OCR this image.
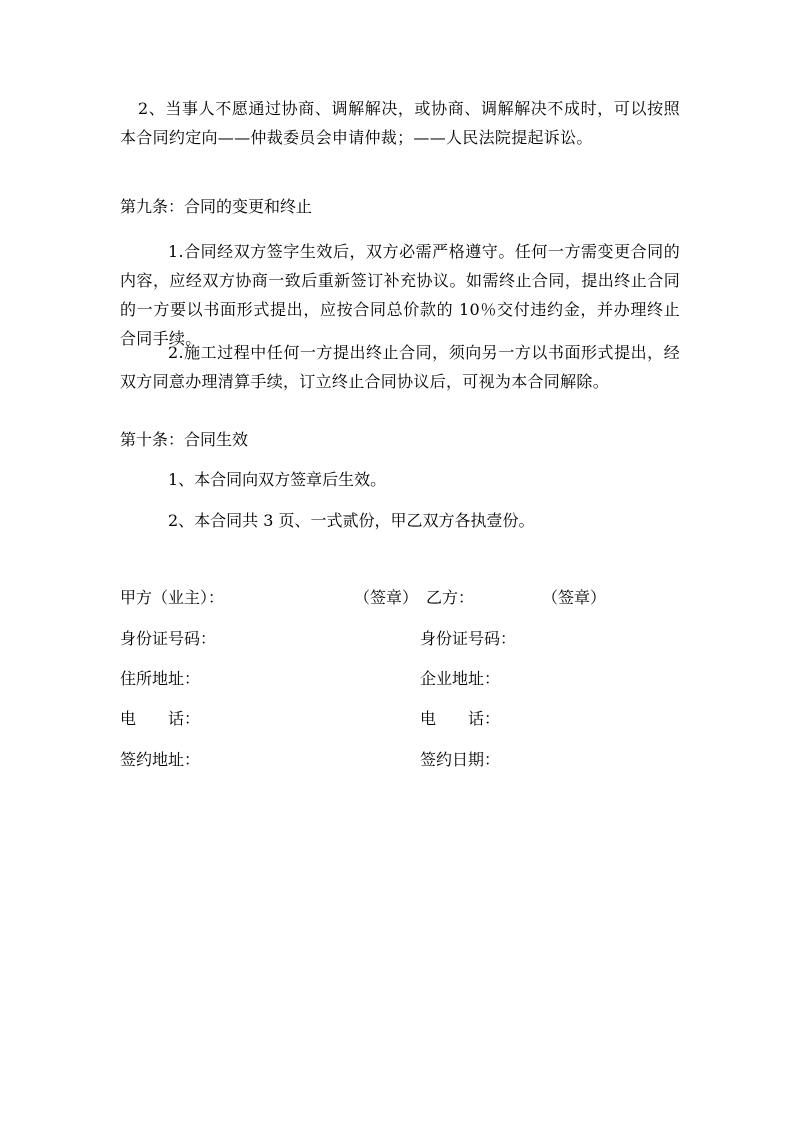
2、当事人不愿通过协商、调解解决，或协商、调解解决不成时，可以按照本合同约定向——仲裁委员会申请仲裁；——人民法院提起诉讼。

第九条：合同的变更和终止

1.合同经双方签字生效后，双方必需严格遵守。任何一方需变更合同的内容，应经双方协商一致后重新签订补充协议。如需终止合同，提出终止合同的一方要以书面形式提出，应按合同总价款的 10％交付违约金，并办理终止合同手续。

2.施工过程中任何一方提出终止合同，须向另一方以书面形式提出，经双方同意办理清算手续，订立终止合同协议后，可视为本合同解除。

第十条：合同生效

1、本合同向双方签章后生效。

2、本合同共 3 页、一式贰份，甲乙双方各执壹份。

甲方（业主）：	（签章） 乙方：	（签章）
身份证号码：	身份证号码：
住所地址：	企业地址：
电　　话：	电　　话：
签约地址：	签约日期：
